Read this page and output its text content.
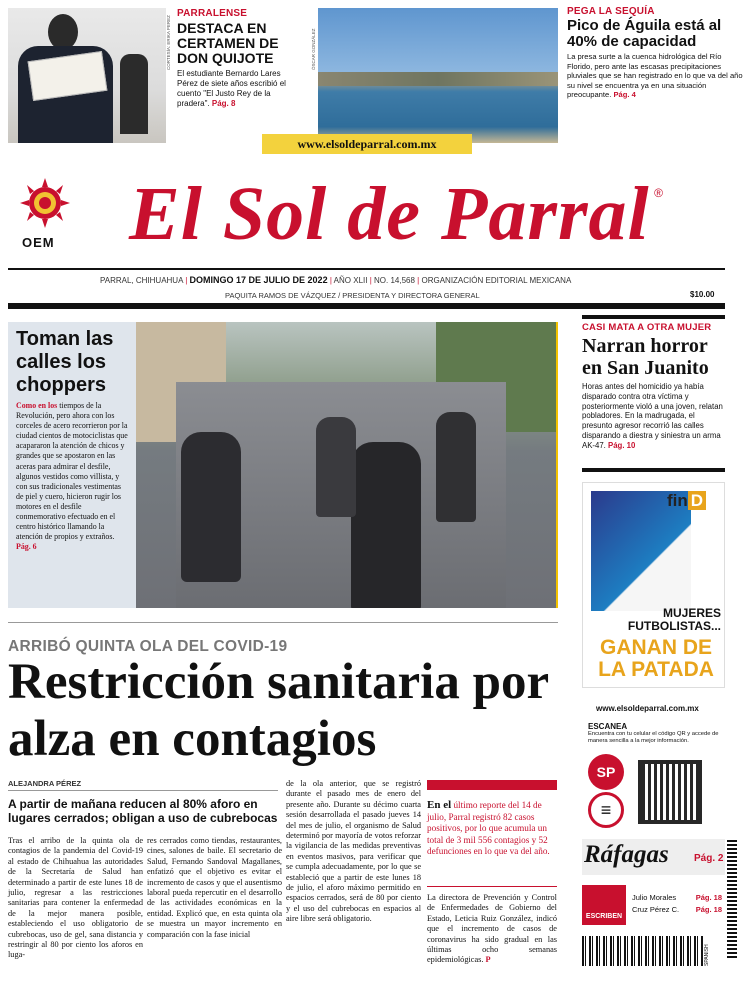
CORTESÍA: ERIKA PEREZ
PARRALENSE
DESTACA EN CERTAMEN DE DON QUIJOTE
El estudiante Bernardo Lares Pérez de siete años escribió el cuento "El Justo Rey de la pradera". Pág. 8
ÓSCAR GONZÁLEZ
PEGA LA SEQUÍA
Pico de Águila está al 40% de capacidad
La presa surte a la cuenca hidrológica del Río Florido, pero ante las escasas precipitaciones pluviales que se han registrado en lo que va del año su nivel se encuentra ya en una situación preocupante. Pág. 4
www.elsoldeparral.com.mx
OEM El Sol de Parral $_®$
PARRAL, CHIHUAHUA | DOMINGO 17 DE JULIO DE 2022 | AÑO XLII | NO. 14,568 | ORGANIZACIÓN EDITORIAL MEXICANA
PAQUITA RAMOS DE VÁZQUEZ / PRESIDENTA Y DIRECTORA GENERAL	$10.00
Toman las calles los choppers

Como en los tiempos de la Revolución, pero ahora con los corceles de acero recorrieron por la ciudad cientos de motociclistas que acapararon la atención de chicos y grandes que se apostaron en las aceras para admirar el desfile, algunos vestidos como villista, y con sus tradicionales vestimentas de piel y cuero, hicieron rugir los motores en el desfile conmemorativo efectuado en el centro histórico llamando la atención de propios y extraños. Pág. 6

CASI MATA A OTRA MUJER
Narran horror en San Juanito
Horas antes del homicidio ya había disparado contra otra víctima y posteriormente violó a una joven, relatan pobladores. En la madrugada, el presunto agresor recorrió las calles disparando a diestra y siniestra un arma AK-47. Pág. 10
fin D
MUJERES FUTBOLISTAS...
GANAN DE
LA PATADA
www.elsoldeparral.com.mx
ESCANEA
Encuentra con tu celular el código QR y accede de manera sencilla a la mejor información.
SP
≡
Ráfagas	Pág. 2
ESCRIBEN
Julio Morales	Pág. 18
Cruz Pérez C. Pág. 18
SPANISH
ARRIBÓ QUINTA OLA DEL COVID-19
Restricción sanitaria por alza en contagios
ALEJANDRA PÉREZ
A partir de mañana reducen al 80% aforo en lugares cerrados; obligan a uso de cubrebocas

Tras el arribo de la quinta ola de contagios de la pandemia del Covid-19 al estado de Chihuahua las autoridades de la Secretaría de Salud han determinado a partir de este lunes 18 de julio, regresar a las restricciones sanitarias para contener la enfermedad de la mejor manera posible, estableciendo el uso obligatorio de cubrebocas, uso de gel, sana distancia y restringir al 80 por ciento los aforos en luga-

res cerrados como tiendas, restaurantes, cines, salones de baile. El secretario de Salud, Fernando Sandoval Magallanes, enfatizó que el objetivo es evitar el incremento de casos y que el ausentismo laboral pueda repercutir en el desarrollo de las actividades económicas en la entidad. Explicó que, en esta quinta ola se muestra un mayor incremento en comparación con la fase inicial

de la ola anterior, que se registró durante el pasado mes de enero del presente año. Durante su décimo cuarta sesión desarrollada el pasado jueves 14 del mes de julio, el organismo de Salud determinó por mayoría de votos reforzar la vigilancia de las medidas preventivas en eventos masivos, para verificar que se cumpla adecuadamente, por lo que se estableció que a partir de este lunes 18 de julio, el aforo máximo permitido en espacios cerrados, será de 80 por ciento y el uso del cubrebocas en espacios al aire libre será obligatorio.

En el último reporte del 14 de julio, Parral registró 82 casos positivos, por lo que acumula un total de 3 mil 556 contagios y 52 defunciones en lo que va del año.

La directora de Prevención y Control de Enfermedades de Gobierno del Estado, Leticia Ruiz González, indicó que el incremento de casos de coronavirus ha sido gradual en las últimas ocho semanas epidemiológicas. P
